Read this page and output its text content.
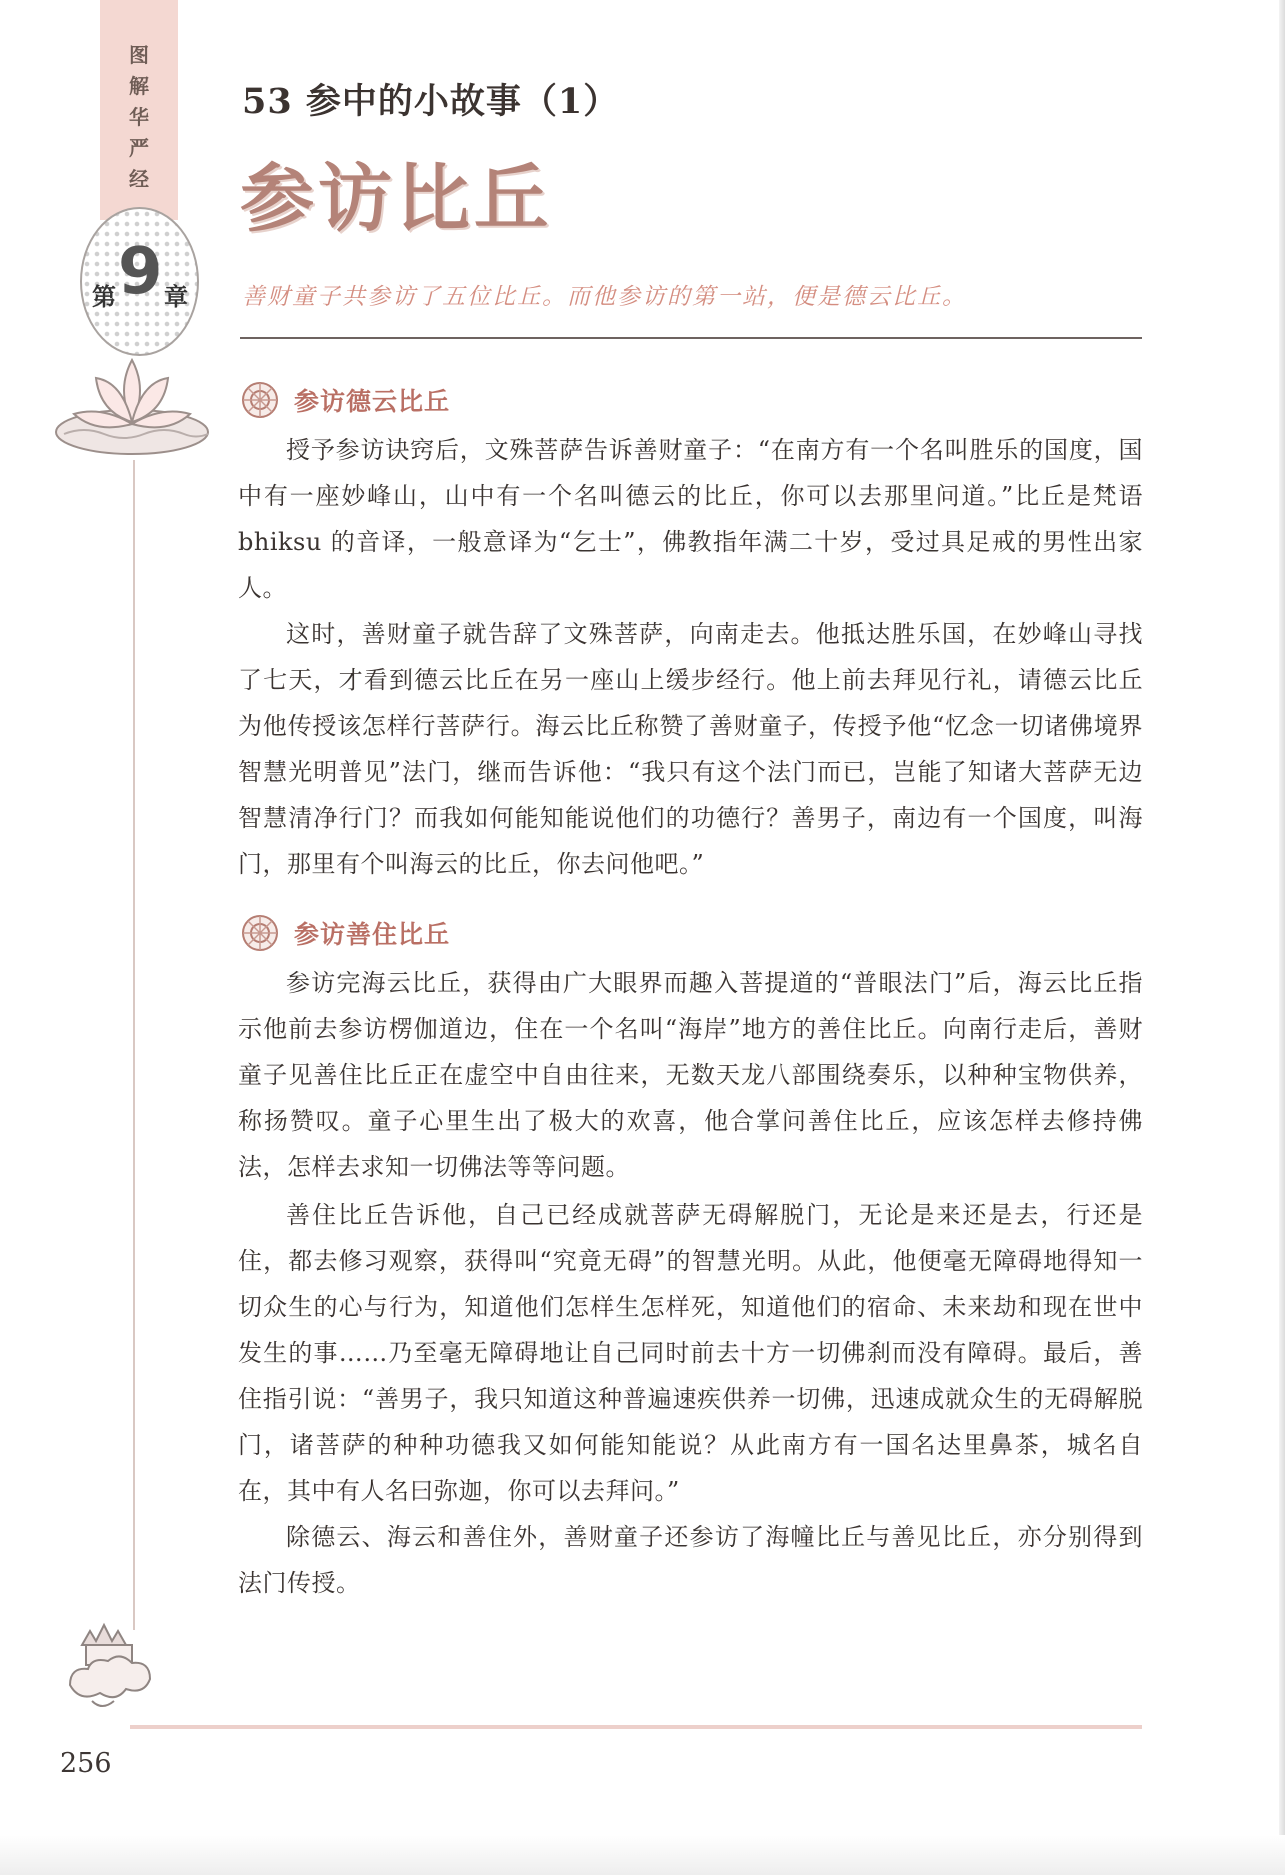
图
解
华
严
经
第 9 章
53 参中的小故事（1）
参访比丘
善财童子共参访了五位比丘。而他参访的第一站，便是德云比丘。
参访德云比丘

授予参访诀窍后，文殊菩萨告诉善财童子：“在南方有一个名叫胜乐的国度，国中有一座妙峰山，山中有一个名叫德云的比丘，你可以去那里问道。”比丘是梵语 bhiksu 的音译，一般意译为“乞士”，佛教指年满二十岁，受过具足戒的男性出家人。

这时，善财童子就告辞了文殊菩萨，向南走去。他抵达胜乐国，在妙峰山寻找了七天，才看到德云比丘在另一座山上缓步经行。他上前去拜见行礼，请德云比丘为他传授该怎样行菩萨行。海云比丘称赞了善财童子，传授予他“忆念一切诸佛境界智慧光明普见”法门，继而告诉他：“我只有这个法门而已，岂能了知诸大菩萨无边智慧清净行门？而我如何能知能说他们的功德行？善男子，南边有一个国度，叫海门，那里有个叫海云的比丘，你去问他吧。”

参访善住比丘

参访完海云比丘，获得由广大眼界而趣入菩提道的“普眼法门”后，海云比丘指示他前去参访楞伽道边，住在一个名叫“海岸”地方的善住比丘。向南行走后，善财童子见善住比丘正在虚空中自由往来，无数天龙八部围绕奏乐，以种种宝物供养，称扬赞叹。童子心里生出了极大的欢喜，他合掌问善住比丘，应该怎样去修持佛法，怎样去求知一切佛法等等问题。

善住比丘告诉他，自己已经成就菩萨无碍解脱门，无论是来还是去，行还是住，都去修习观察，获得叫“究竟无碍”的智慧光明。从此，他便毫无障碍地得知一切众生的心与行为，知道他们怎样生怎样死，知道他们的宿命、未来劫和现在世中发生的事……乃至毫无障碍地让自己同时前去十方一切佛刹而没有障碍。最后，善住指引说：“善男子，我只知道这种普遍速疾供养一切佛，迅速成就众生的无碍解脱门，诸菩萨的种种功德我又如何能知能说？从此南方有一国名达里鼻茶，城名自在，其中有人名曰弥迦，你可以去拜问。”

除德云、海云和善住外，善财童子还参访了海幢比丘与善见比丘，亦分别得到法门传授。

256
